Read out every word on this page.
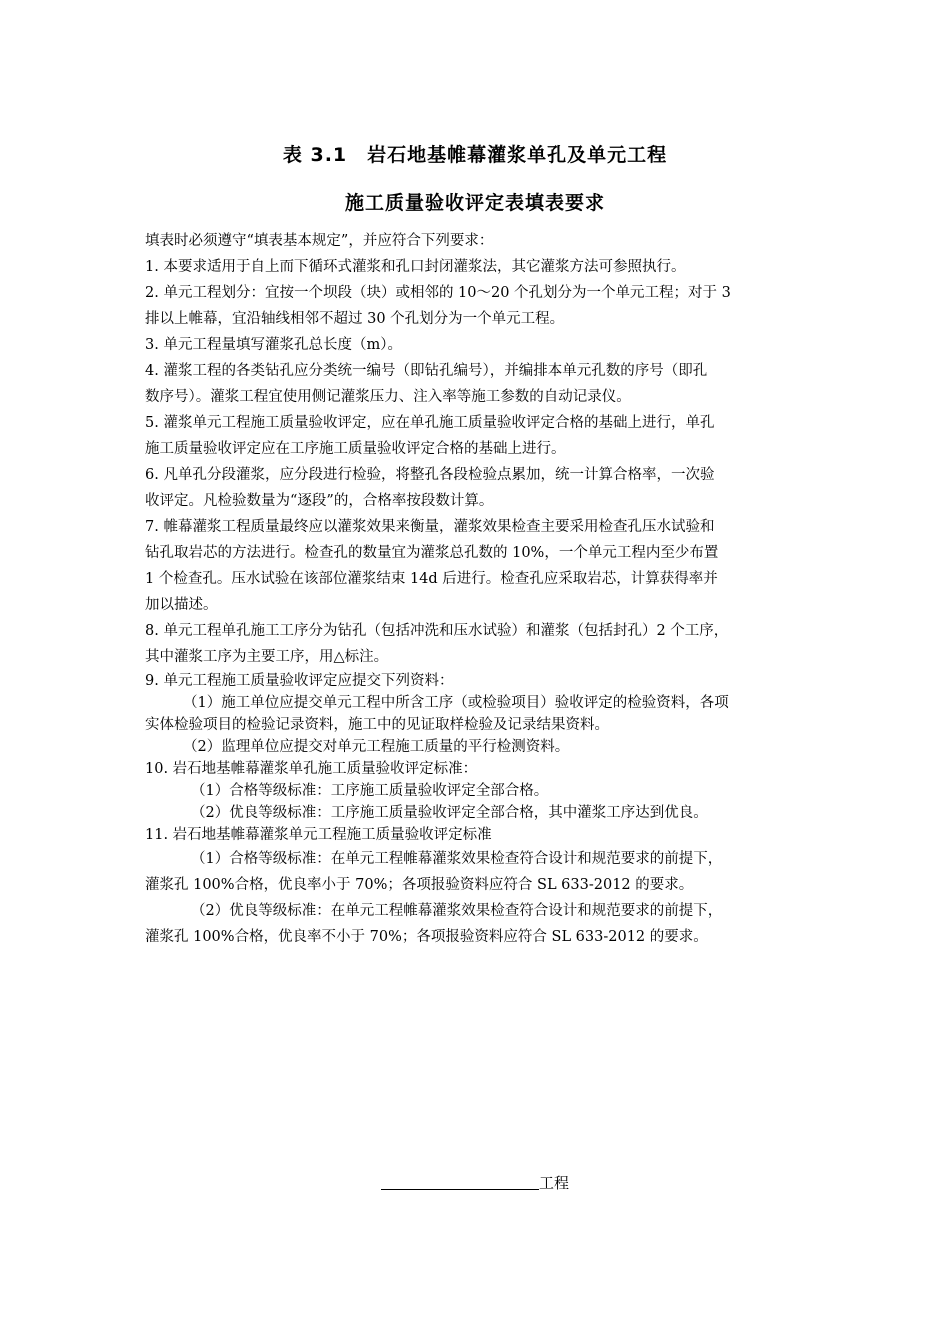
表 3.1　岩石地基帷幕灌浆单孔及单元工程
施工质量验收评定表填表要求
填表时必须遵守“填表基本规定”，并应符合下列要求：
1. 本要求适用于自上而下循环式灌浆和孔口封闭灌浆法，其它灌浆方法可参照执行。
2. 单元工程划分：宜按一个坝段（块）或相邻的 10～20 个孔划分为一个单元工程；对于 3
排以上帷幕，宜沿轴线相邻不超过 30 个孔划分为一个单元工程。
3. 单元工程量填写灌浆孔总长度（m）。
4. 灌浆工程的各类钻孔应分类统一编号（即钻孔编号），并编排本单元孔数的序号（即孔
数序号）。灌浆工程宜使用侧记灌浆压力、注入率等施工参数的自动记录仪。
5. 灌浆单元工程施工质量验收评定，应在单孔施工质量验收评定合格的基础上进行，单孔
施工质量验收评定应在工序施工质量验收评定合格的基础上进行。
6. 凡单孔分段灌浆，应分段进行检验，将整孔各段检验点累加，统一计算合格率，一次验
收评定。凡检验数量为“逐段”的，合格率按段数计算。
7. 帷幕灌浆工程质量最终应以灌浆效果来衡量，灌浆效果检查主要采用检查孔压水试验和
钻孔取岩芯的方法进行。检查孔的数量宜为灌浆总孔数的 10%，一个单元工程内至少布置
1 个检查孔。压水试验在该部位灌浆结束 14d 后进行。检查孔应采取岩芯，计算获得率并
加以描述。
8. 单元工程单孔施工工序分为钻孔（包括冲洗和压水试验）和灌浆（包括封孔）2 个工序，
其中灌浆工序为主要工序，用△标注。
9. 单元工程施工质量验收评定应提交下列资料：
（1）施工单位应提交单元工程中所含工序（或检验项目）验收评定的检验资料，各项
实体检验项目的检验记录资料，施工中的见证取样检验及记录结果资料。
（2）监理单位应提交对单元工程施工质量的平行检测资料。
10. 岩石地基帷幕灌浆单孔施工质量验收评定标准：
（1）合格等级标准：工序施工质量验收评定全部合格。
（2）优良等级标准：工序施工质量验收评定全部合格，其中灌浆工序达到优良。
11. 岩石地基帷幕灌浆单元工程施工质量验收评定标准
（1）合格等级标准：在单元工程帷幕灌浆效果检查符合设计和规范要求的前提下，
灌浆孔 100%合格，优良率小于 70%；各项报验资料应符合 SL 633-2012 的要求。
（2）优良等级标准：在单元工程帷幕灌浆效果检查符合设计和规范要求的前提下，
灌浆孔 100%合格，优良率不小于 70%；各项报验资料应符合 SL 633-2012 的要求。
工程
